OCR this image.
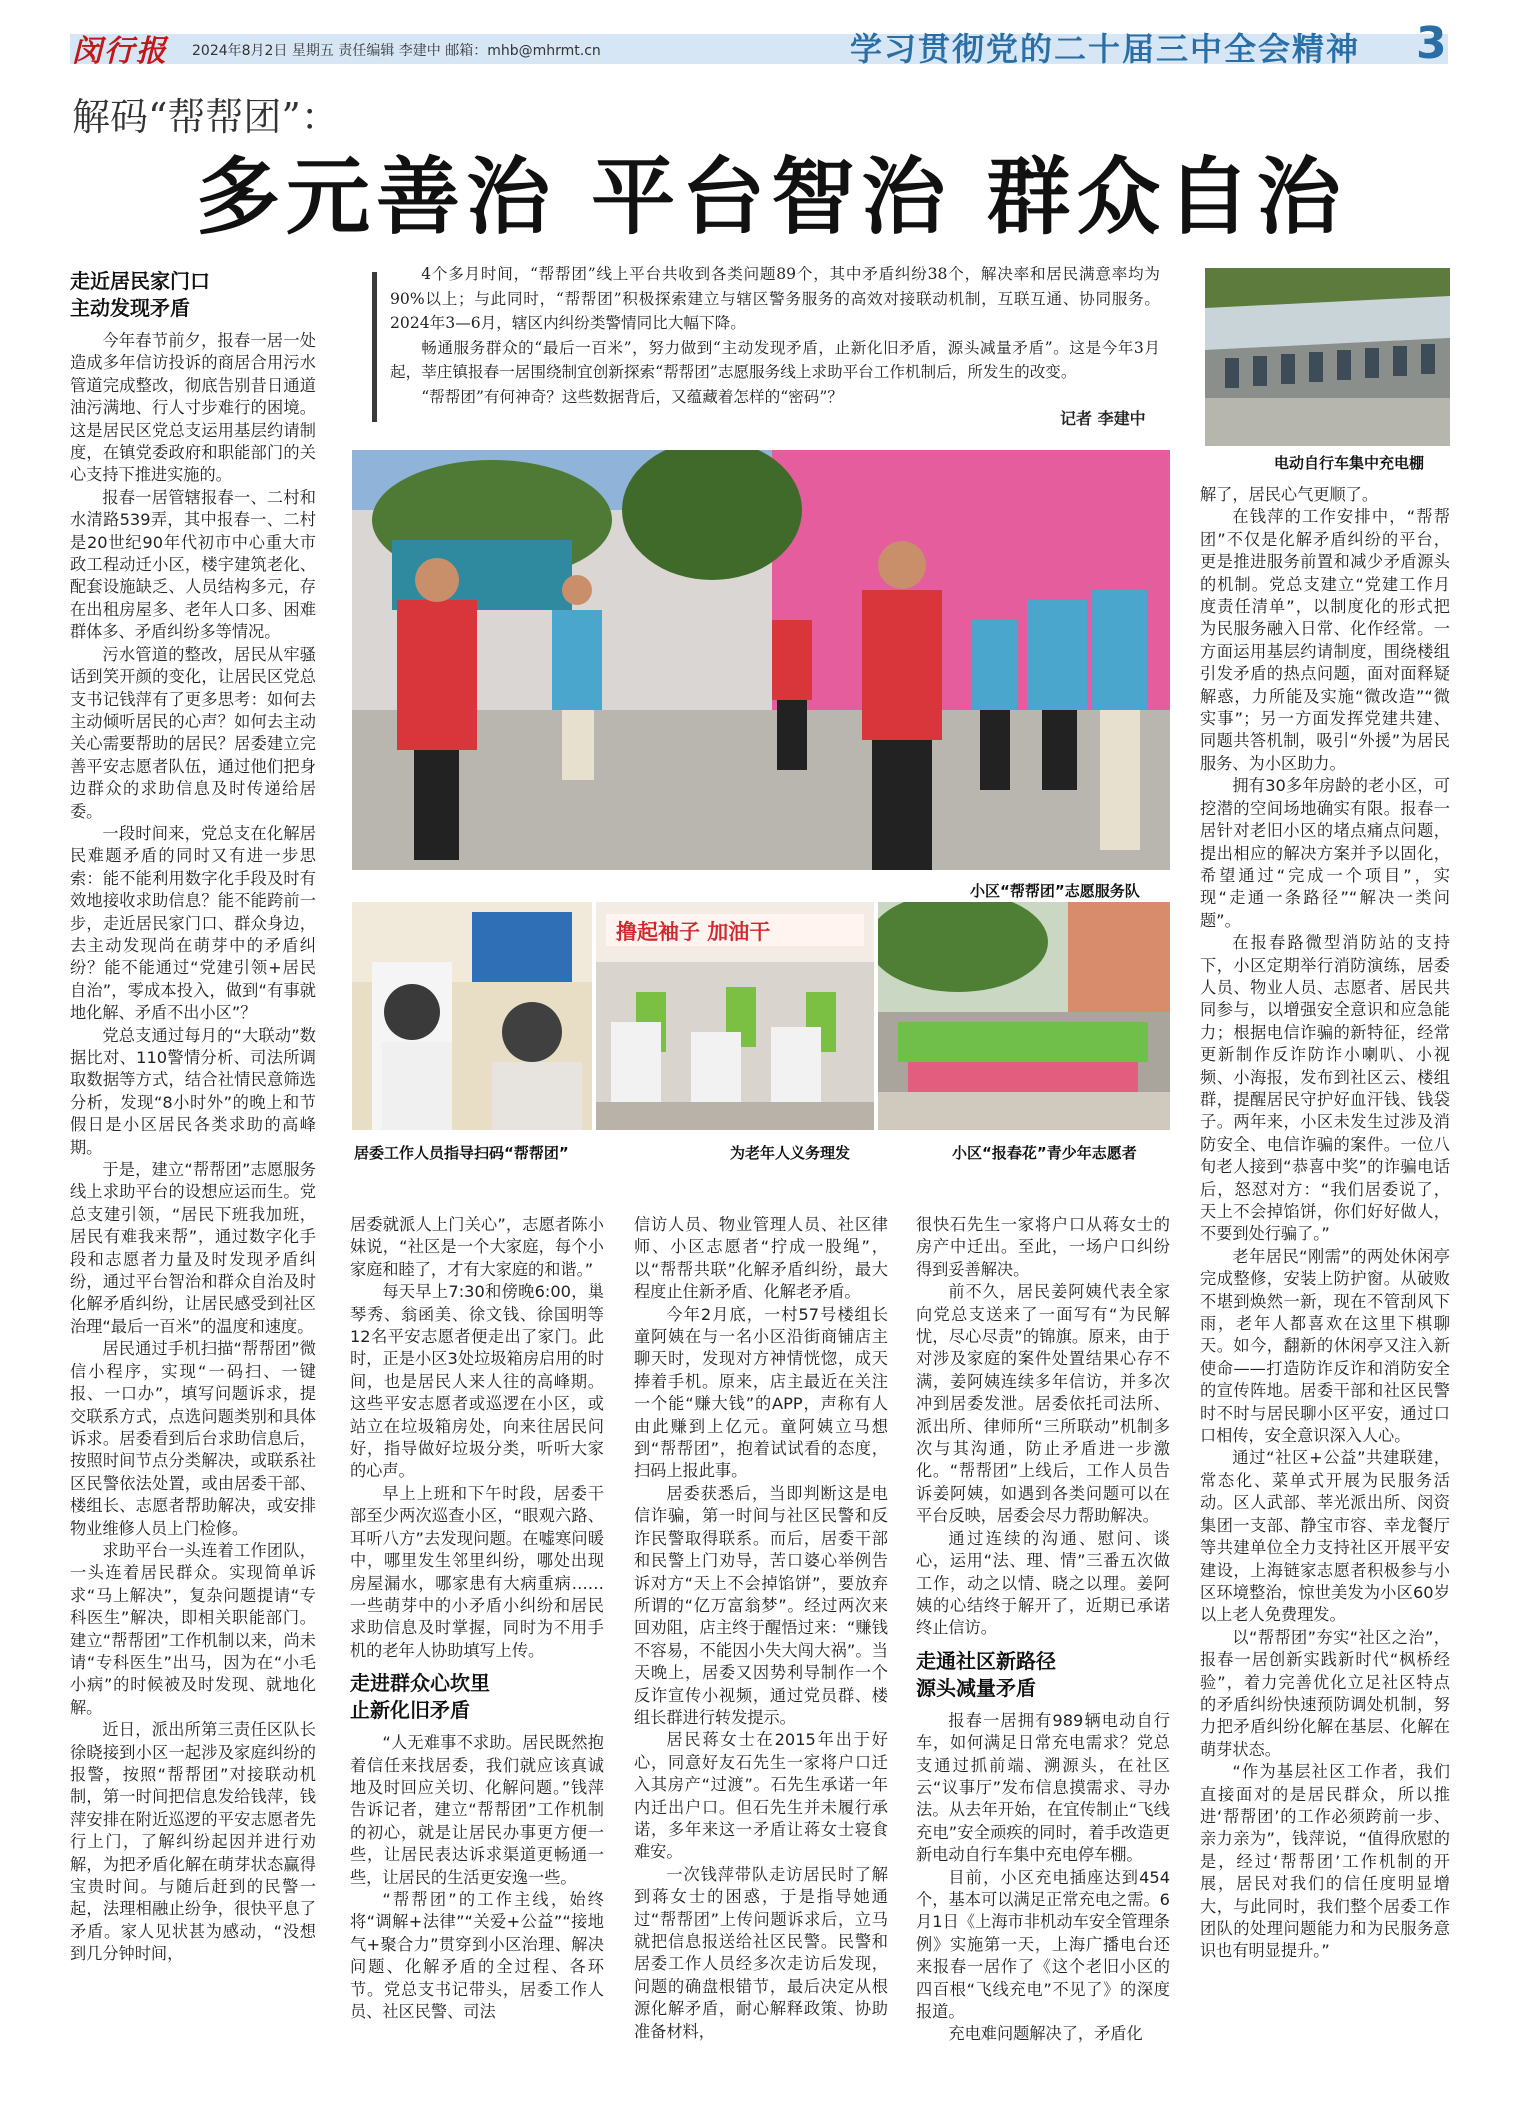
闵行报	2024年8月2日 星期五 责任编辑 李建中 邮箱：mhb@mhrmt.cn	学习贯彻党的二十届三中全会精神 3
解码“帮帮团”：
多元善治 平台智治 群众自治

4个多月时间，“帮帮团”线上平台共收到各类问题89个，其中矛盾纠纷38个，解决率和居民满意率均为90%以上；与此同时，“帮帮团”积极探索建立与辖区警务服务的高效对接联动机制，互联互通、协同服务。2024年3—6月，辖区内纠纷类警情同比大幅下降。

畅通服务群众的“最后一百米”，努力做到“主动发现矛盾，止新化旧矛盾，源头减量矛盾”。这是今年3月起，莘庄镇报春一居围绕制宜创新探索“帮帮团”志愿服务线上求助平台工作机制后，所发生的改变。

“帮帮团”有何神奇？这些数据背后，又蕴藏着怎样的“密码”？

记者 李建中
电动自行车集中充电棚
小区“帮帮团”志愿服务队
撸起袖子 加油干
居委工作人员指导扫码“帮帮团”	为老年人义务理发	小区“报春花”青少年志愿者
走近居民家门口
主动发现矛盾

今年春节前夕，报春一居一处造成多年信访投诉的商居合用污水管道完成整改，彻底告别昔日通道油污满地、行人寸步难行的困境。这是居民区党总支运用基层约请制度，在镇党委政府和职能部门的关心支持下推进实施的。

报春一居管辖报春一、二村和水清路539弄，其中报春一、二村是20世纪90年代初市中心重大市政工程动迁小区，楼宇建筑老化、配套设施缺乏、人员结构多元，存在出租房屋多、老年人口多、困难群体多、矛盾纠纷多等情况。

污水管道的整改，居民从牢骚话到笑开颜的变化，让居民区党总支书记钱萍有了更多思考：如何去主动倾听居民的心声？如何去主动关心需要帮助的居民？居委建立完善平安志愿者队伍，通过他们把身边群众的求助信息及时传递给居委。

一段时间来，党总支在化解居民难题矛盾的同时又有进一步思索：能不能利用数字化手段及时有效地接收求助信息？能不能跨前一步，走近居民家门口、群众身边，去主动发现尚在萌芽中的矛盾纠纷？能不能通过“党建引领+居民自治”，零成本投入，做到“有事就地化解、矛盾不出小区”？

党总支通过每月的“大联动”数据比对、110警情分析、司法所调取数据等方式，结合社情民意筛选分析，发现“8小时外”的晚上和节假日是小区居民各类求助的高峰期。

于是，建立“帮帮团”志愿服务线上求助平台的设想应运而生。党总支建引领，“居民下班我加班，居民有难我来帮”，通过数字化手段和志愿者力量及时发现矛盾纠纷，通过平台智治和群众自治及时化解矛盾纠纷，让居民感受到社区治理“最后一百米”的温度和速度。

居民通过手机扫描“帮帮团”微信小程序，实现“一码扫、一键报、一口办”，填写问题诉求，提交联系方式，点选问题类别和具体诉求。居委看到后台求助信息后，按照时间节点分类解决，或联系社区民警依法处置，或由居委干部、楼组长、志愿者帮助解决，或安排物业维修人员上门检修。

求助平台一头连着工作团队，一头连着居民群众。实现简单诉求“马上解决”，复杂问题提请“专科医生”解决，即相关职能部门。建立“帮帮团”工作机制以来，尚未请“专科医生”出马，因为在“小毛小病”的时候被及时发现、就地化解。

近日，派出所第三责任区队长徐晓接到小区一起涉及家庭纠纷的报警，按照“帮帮团”对接联动机制，第一时间把信息发给钱萍，钱萍安排在附近巡逻的平安志愿者先行上门，了解纠纷起因并进行劝解，为把矛盾化解在萌芽状态赢得宝贵时间。与随后赶到的民警一起，法理相融止纷争，很快平息了矛盾。家人见状甚为感动，“没想到几分钟时间，

居委就派人上门关心”，志愿者陈小妹说，“社区是一个大家庭，每个小家庭和睦了，才有大家庭的和谐。”

每天早上7:30和傍晚6:00，巢琴秀、翁函美、徐文钱、徐国明等12名平安志愿者便走出了家门。此时，正是小区3处垃圾箱房启用的时间，也是居民人来人往的高峰期。这些平安志愿者或巡逻在小区，或站立在垃圾箱房处，向来往居民问好，指导做好垃圾分类，听听大家的心声。

早上上班和下午时段，居委干部至少两次巡查小区，“眼观六路、耳听八方”去发现问题。在嘘寒问暖中，哪里发生邻里纠纷，哪处出现房屋漏水，哪家患有大病重病……一些萌芽中的小矛盾小纠纷和居民求助信息及时掌握，同时为不用手机的老年人协助填写上传。

走进群众心坎里
止新化旧矛盾

“人无难事不求助。居民既然抱着信任来找居委，我们就应该真诚地及时回应关切、化解问题。”钱萍告诉记者，建立“帮帮团”工作机制的初心，就是让居民办事更方便一些，让居民表达诉求渠道更畅通一些，让居民的生活更安逸一些。

“帮帮团”的工作主线，始终将“调解+法律”“关爱+公益”“接地气+聚合力”贯穿到小区治理、解决问题、化解矛盾的全过程、各环节。党总支书记带头，居委工作人员、社区民警、司法

信访人员、物业管理人员、社区律师、小区志愿者“拧成一股绳”，以“帮帮共联”化解矛盾纠纷，最大程度止住新矛盾、化解老矛盾。

今年2月底，一村57号楼组长童阿姨在与一名小区沿街商铺店主聊天时，发现对方神情恍惚，成天捧着手机。原来，店主最近在关注一个能“赚大钱”的APP，声称有人由此赚到上亿元。童阿姨立马想到“帮帮团”，抱着试试看的态度，扫码上报此事。

居委获悉后，当即判断这是电信诈骗，第一时间与社区民警和反诈民警取得联系。而后，居委干部和民警上门劝导，苦口婆心举例告诉对方“天上不会掉馅饼”，要放弃所谓的“亿万富翁梦”。经过两次来回劝阻，店主终于醒悟过来：“赚钱不容易，不能因小失大闯大祸”。当天晚上，居委又因势利导制作一个反诈宣传小视频，通过党员群、楼组长群进行转发提示。

居民蒋女士在2015年出于好心，同意好友石先生一家将户口迁入其房产“过渡”。石先生承诺一年内迁出户口。但石先生并未履行承诺，多年来这一矛盾让蒋女士寝食难安。

一次钱萍带队走访居民时了解到蒋女士的困惑，于是指导她通过“帮帮团”上传问题诉求后，立马就把信息报送给社区民警。民警和居委工作人员经多次走访后发现，问题的确盘根错节，最后决定从根源化解矛盾，耐心解释政策、协助准备材料，

很快石先生一家将户口从蒋女士的房产中迁出。至此，一场户口纠纷得到妥善解决。

前不久，居民姜阿姨代表全家向党总支送来了一面写有“为民解忧，尽心尽责”的锦旗。原来，由于对涉及家庭的案件处置结果心存不满，姜阿姨连续多年信访，并多次冲到居委发泄。居委依托司法所、派出所、律师所“三所联动”机制多次与其沟通，防止矛盾进一步激化。“帮帮团”上线后，工作人员告诉姜阿姨，如遇到各类问题可以在平台反映，居委会尽力帮助解决。

通过连续的沟通、慰问、谈心，运用“法、理、情”三番五次做工作，动之以情、晓之以理。姜阿姨的心结终于解开了，近期已承诺终止信访。

走通社区新路径
源头减量矛盾

报春一居拥有989辆电动自行车，如何满足日常充电需求？党总支通过抓前端、溯源头，在社区云“议事厅”发布信息摸需求、寻办法。从去年开始，在宜传制止“飞线充电”安全顽疾的同时，着手改造更新电动自行车集中充电停车棚。

目前，小区充电插座达到454个，基本可以满足正常充电之需。6月1日《上海市非机动车安全管理条例》实施第一天，上海广播电台还来报春一居作了《这个老旧小区的四百根“飞线充电”不见了》的深度报道。

充电难问题解决了，矛盾化

解了，居民心气更顺了。

在钱萍的工作安排中，“帮帮团”不仅是化解矛盾纠纷的平台，更是推进服务前置和减少矛盾源头的机制。党总支建立“党建工作月度责任清单”，以制度化的形式把为民服务融入日常、化作经常。一方面运用基层约请制度，围绕楼组引发矛盾的热点问题，面对面释疑解惑，力所能及实施“微改造”“微实事”；另一方面发挥党建共建、同题共答机制，吸引“外援”为居民服务、为小区助力。

拥有30多年房龄的老小区，可挖潜的空间场地确实有限。报春一居针对老旧小区的堵点痛点问题，提出相应的解决方案并予以固化，希望通过“完成一个项目”，实现“走通一条路径”“解决一类问题”。

在报春路微型消防站的支持下，小区定期举行消防演练，居委人员、物业人员、志愿者、居民共同参与，以增强安全意识和应急能力；根据电信诈骗的新特征，经常更新制作反诈防诈小喇叭、小视频、小海报，发布到社区云、楼组群，提醒居民守护好血汗钱、钱袋子。两年来，小区未发生过涉及消防安全、电信诈骗的案件。一位八旬老人接到“恭喜中奖”的诈骗电话后，怒怼对方：“我们居委说了，天上不会掉馅饼，你们好好做人，不要到处行骗了。”

老年居民“刚需”的两处休闲亭完成整修，安装上防护窗。从破败不堪到焕然一新，现在不管刮风下雨，老年人都喜欢在这里下棋聊天。如今，翻新的休闲亭又注入新使命——打造防诈反诈和消防安全的宣传阵地。居委干部和社区民警时不时与居民聊小区平安，通过口口相传，安全意识深入人心。

通过“社区+公益”共建联建，常态化、菜单式开展为民服务活动。区人武部、莘光派出所、闵资集团一支部、静宝市容、幸龙餐厅等共建单位全力支持社区开展平安建设，上海链家志愿者积极参与小区环境整治，惊世美发为小区60岁以上老人免费理发。

以“帮帮团”夯实“社区之治”，报春一居创新实践新时代“枫桥经验”，着力完善优化立足社区特点的矛盾纠纷快速预防调处机制，努力把矛盾纠纷化解在基层、化解在萌芽状态。

“作为基层社区工作者，我们直接面对的是居民群众，所以推进‘帮帮团’的工作必须跨前一步、亲力亲为”，钱萍说，“值得欣慰的是，经过‘帮帮团’工作机制的开展，居民对我们的信任度明显增大，与此同时，我们整个居委工作团队的处理问题能力和为民服务意识也有明显提升。”
